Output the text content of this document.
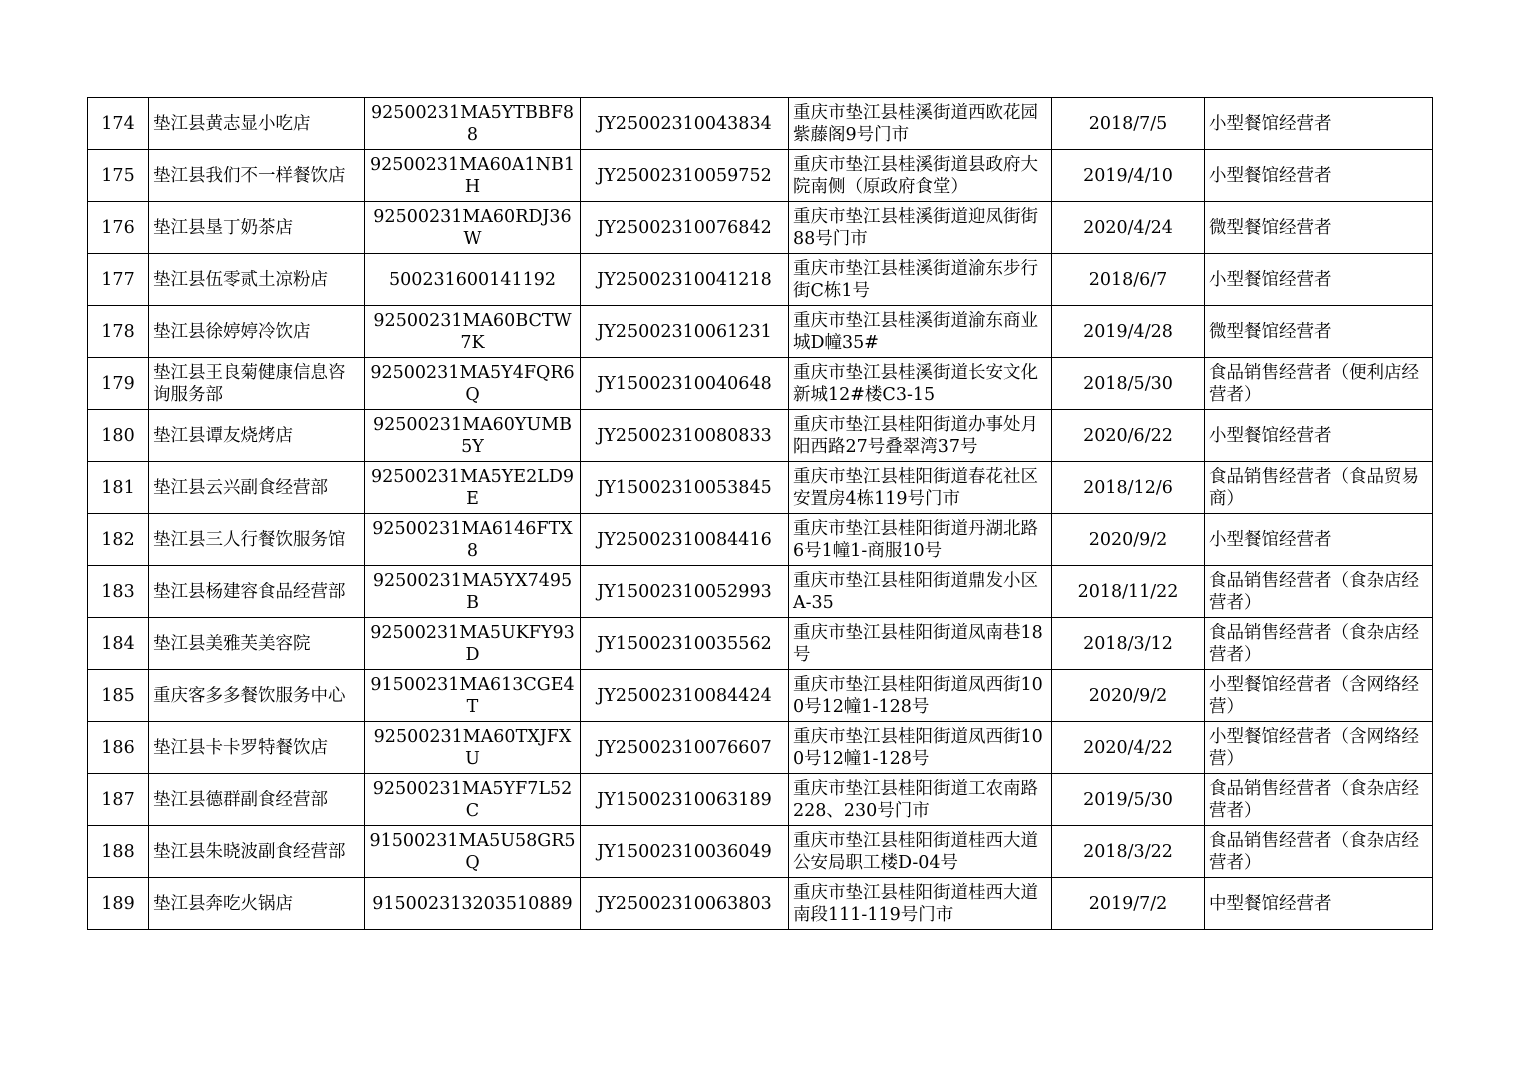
174	垫江县黄志显小吃店	92500231MA5YTBBF88	JY25002310043834	重庆市垫江县桂溪街道西欧花园紫藤阁9号门市	2018/7/5	小型餐馆经营者
175	垫江县我们不一样餐饮店	92500231MA60A1NB1H	JY25002310059752	重庆市垫江县桂溪街道县政府大院南侧（原政府食堂）	2019/4/10	小型餐馆经营者
176	垫江县垦丁奶茶店	92500231MA60RDJ36W	JY25002310076842	重庆市垫江县桂溪街道迎凤街街88号门市	2020/4/24	微型餐馆经营者
177	垫江县伍零贰土凉粉店	500231600141192	JY25002310041218	重庆市垫江县桂溪街道渝东步行街C栋1号	2018/6/7	小型餐馆经营者
178	垫江县徐婷婷冷饮店	92500231MA60BCTW7K	JY25002310061231	重庆市垫江县桂溪街道渝东商业城D幢35#	2019/4/28	微型餐馆经营者
179	垫江县王良菊健康信息咨询服务部	92500231MA5Y4FQR6Q	JY15002310040648	重庆市垫江县桂溪街道长安文化新城12#楼C3-15	2018/5/30	食品销售经营者（便利店经营者）
180	垫江县谭友烧烤店	92500231MA60YUMB5Y	JY25002310080833	重庆市垫江县桂阳街道办事处月阳西路27号叠翠湾37号	2020/6/22	小型餐馆经营者
181	垫江县云兴副食经营部	92500231MA5YE2LD9E	JY15002310053845	重庆市垫江县桂阳街道春花社区安置房4栋119号门市	2018/12/6	食品销售经营者（食品贸易商）
182	垫江县三人行餐饮服务馆	92500231MA6146FTX8	JY25002310084416	重庆市垫江县桂阳街道丹湖北路6号1幢1-商服10号	2020/9/2	小型餐馆经营者
183	垫江县杨建容食品经营部	92500231MA5YX7495B	JY15002310052993	重庆市垫江县桂阳街道鼎发小区A-35	2018/11/22	食品销售经营者（食杂店经营者）
184	垫江县美雅芙美容院	92500231MA5UKFY93D	JY15002310035562	重庆市垫江县桂阳街道凤南巷18号	2018/3/12	食品销售经营者（食杂店经营者）
185	重庆客多多餐饮服务中心	91500231MA613CGE4T	JY25002310084424	重庆市垫江县桂阳街道凤西街100号12幢1-128号	2020/9/2	小型餐馆经营者（含网络经营）
186	垫江县卡卡罗特餐饮店	92500231MA60TXJFXU	JY25002310076607	重庆市垫江县桂阳街道凤西街100号12幢1-128号	2020/4/22	小型餐馆经营者（含网络经营）
187	垫江县德群副食经营部	92500231MA5YF7L52C	JY15002310063189	重庆市垫江县桂阳街道工农南路228、230号门市	2019/5/30	食品销售经营者（食杂店经营者）
188	垫江县朱晓波副食经营部	91500231MA5U58GR5Q	JY15002310036049	重庆市垫江县桂阳街道桂西大道公安局职工楼D-04号	2018/3/22	食品销售经营者（食杂店经营者）
189	垫江县奔吃火锅店	915002313203510889	JY25002310063803	重庆市垫江县桂阳街道桂西大道南段111-119号门市	2019/7/2	中型餐馆经营者
